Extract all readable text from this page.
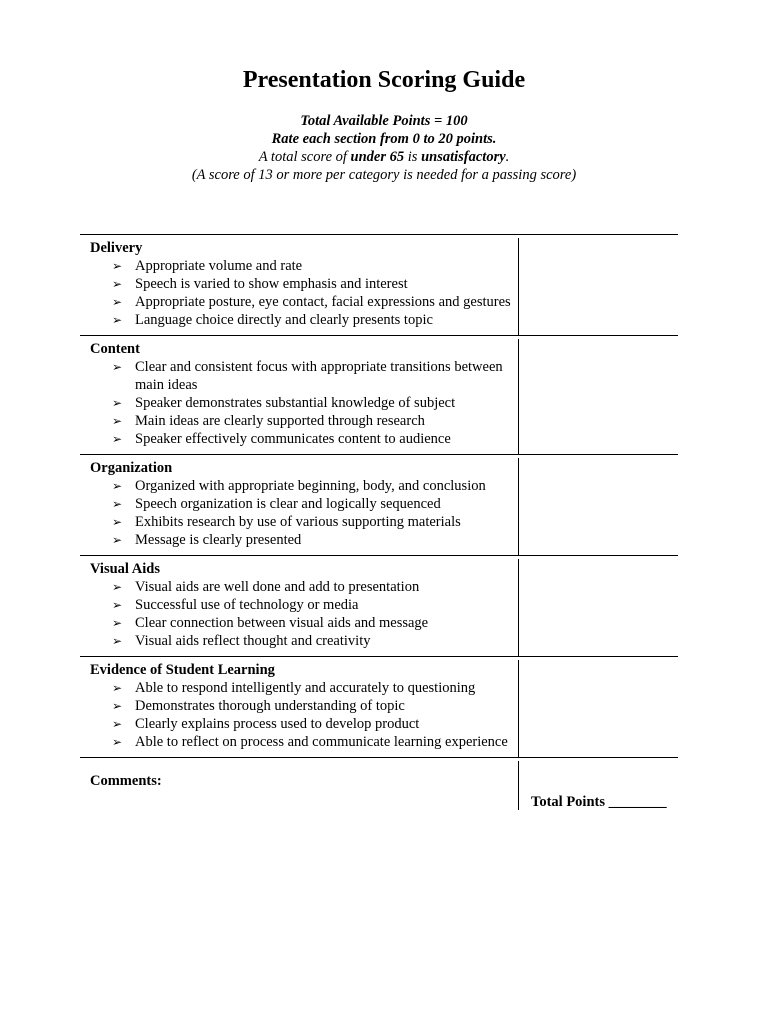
Presentation Scoring Guide
Total Available Points = 100
Rate each section from 0 to 20 points.
A total score of under 65 is unsatisfactory.
(A score of 13 or more per category is needed for a passing score)
Delivery
➢ Appropriate volume and rate
➢ Speech is varied to show emphasis and interest
➢ Appropriate posture, eye contact, facial expressions and gestures
➢ Language choice directly and clearly presents topic
Content
➢ Clear and consistent focus with appropriate transitions between main ideas
➢ Speaker demonstrates substantial knowledge of subject
➢ Main ideas are clearly supported through research
➢ Speaker effectively communicates content to audience
Organization
➢ Organized with appropriate beginning, body, and conclusion
➢ Speech organization is clear and logically sequenced
➢ Exhibits research by use of various supporting materials
➢ Message is clearly presented
Visual Aids
➢ Visual aids are well done and add to presentation
➢ Successful use of technology or media
➢ Clear connection between visual aids and message
➢ Visual aids reflect thought and creativity
Evidence of Student Learning
➢ Able to respond intelligently and accurately to questioning
➢ Demonstrates thorough understanding of topic
➢ Clearly explains process used to develop product
➢ Able to reflect on process and communicate learning experience
Comments:
Total Points ________
